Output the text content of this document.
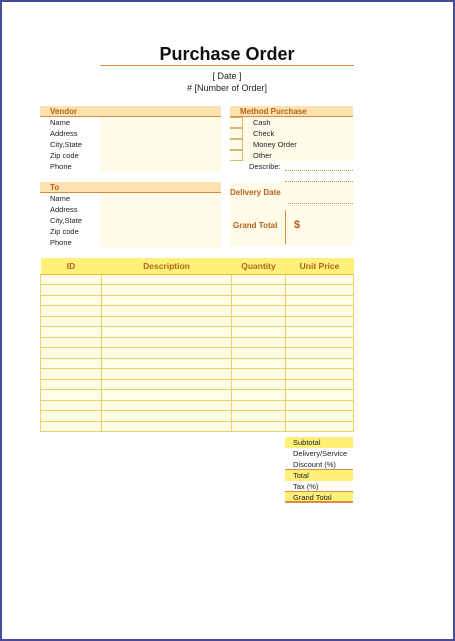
Purchase Order
[ Date ]
# [Number of Order]
Vendor
Name
Address
City,State
Zip code
Phone
To
Name
Address
City,State
Zip code
Phone
Method Purchase
Cash
Check
Money Order
Other
Describe:
Delivery Date
Grand Total $
ID	Description	Quantity	Unit Price

Subtotal
Delivery/Service
Discount (%)
Total
Tax (%)
Grand Total
